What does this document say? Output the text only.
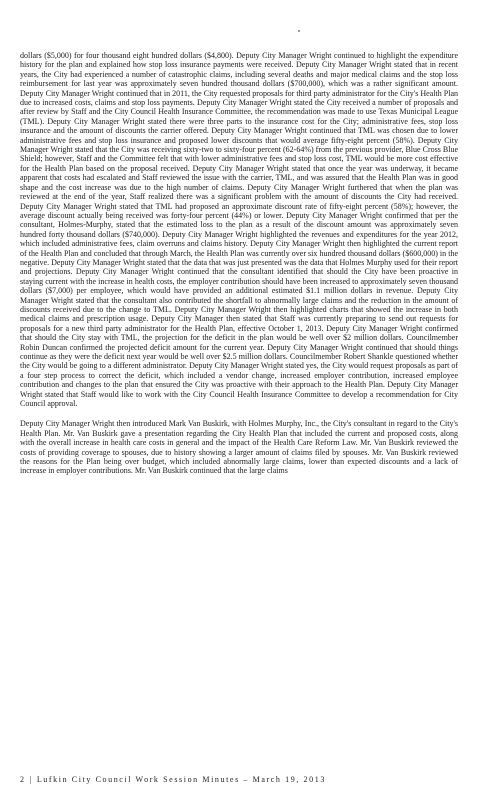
dollars ($5,000) for four thousand eight hundred dollars ($4,800). Deputy City Manager Wright continued to highlight the expenditure history for the plan and explained how stop loss insurance payments were received. Deputy City Manager Wright stated that in recent years, the City had experienced a number of catastrophic claims, including several deaths and major medical claims and the stop loss reimbursement for last year was approximately seven hundred thousand dollars ($700,000), which was a rather significant amount. Deputy City Manager Wright continued that in 2011, the City requested proposals for third party administrator for the City's Health Plan due to increased costs, claims and stop loss payments. Deputy City Manager Wright stated the City received a number of proposals and after review by Staff and the City Council Health Insurance Committee, the recommendation was made to use Texas Municipal League (TML). Deputy City Manager Wright stated there were three parts to the insurance cost for the City; administrative fees, stop loss insurance and the amount of discounts the carrier offered. Deputy City Manager Wright continued that TML was chosen due to lower administrative fees and stop loss insurance and proposed lower discounts that would average fifty-eight percent (58%). Deputy City Manager Wright stated that the City was receiving sixty-two to sixty-four percent (62-64%) from the previous provider, Blue Cross Blue Shield; however, Staff and the Committee felt that with lower administrative fees and stop loss cost, TML would be more cost effective for the Health Plan based on the proposal received. Deputy City Manager Wright stated that once the year was underway, it became apparent that costs had escalated and Staff reviewed the issue with the carrier, TML, and was assured that the Health Plan was in good shape and the cost increase was due to the high number of claims. Deputy City Manager Wright furthered that when the plan was reviewed at the end of the year, Staff realized there was a significant problem with the amount of discounts the City had received. Deputy City Manager Wright stated that TML had proposed an approximate discount rate of fifty-eight percent (58%); however, the average discount actually being received was forty-four percent (44%) or lower. Deputy City Manager Wright confirmed that per the consultant, Holmes-Murphy, stated that the estimated loss to the plan as a result of the discount amount was approximately seven hundred forty thousand dollars ($740,000). Deputy City Manager Wright highlighted the revenues and expenditures for the year 2012, which included administrative fees, claim overruns and claims history. Deputy City Manager Wright then highlighted the current report of the Health Plan and concluded that through March, the Health Plan was currently over six hundred thousand dollars ($600,000) in the negative. Deputy City Manager Wright stated that the data that was just presented was the data that Holmes Murphy used for their report and projections. Deputy City Manager Wright continued that the consultant identified that should the City have been proactive in staying current with the increase in health costs, the employer contribution should have been increased to approximately seven thousand dollars ($7,000) per employee, which would have provided an additional estimated $1.1 million dollars in revenue. Deputy City Manager Wright stated that the consultant also contributed the shortfall to abnormally large claims and the reduction in the amount of discounts received due to the change to TML. Deputy City Manager Wright then highlighted charts that showed the increase in both medical claims and prescription usage. Deputy City Manager then stated that Staff was currently preparing to send out requests for proposals for a new third party administrator for the Health Plan, effective October 1, 2013. Deputy City Manager Wright confirmed that should the City stay with TML, the projection for the deficit in the plan would be well over $2 million dollars. Councilmember Robin Duncan confirmed the projected deficit amount for the current year. Deputy City Manager Wright continued that should things continue as they were the deficit next year would be well over $2.5 million dollars. Councilmember Robert Shankle questioned whether the City would be going to a different administrator. Deputy City Manager Wright stated yes, the City would request proposals as part of a four step process to correct the deficit, which included a vendor change, increased employer contribution, increased employee contribution and changes to the plan that ensured the City was proactive with their approach to the Health Plan. Deputy City Manager Wright stated that Staff would like to work with the City Council Health Insurance Committee to develop a recommendation for City Council approval.

Deputy City Manager Wright then introduced Mark Van Buskirk, with Holmes Murphy, Inc., the City's consultant in regard to the City's Health Plan. Mr. Van Buskirk gave a presentation regarding the City Health Plan that included the current and proposed costs, along with the overall increase in health care costs in general and the impact of the Health Care Reform Law. Mr. Van Buskirk reviewed the costs of providing coverage to spouses, due to history showing a larger amount of claims filed by spouses. Mr. Van Buskirk reviewed the reasons for the Plan being over budget, which included abnormally large claims, lower than expected discounts and a lack of increase in employer contributions. Mr. Van Buskirk continued that the large claims

2 | Lufkin City Council Work Session Minutes – March 19, 2013
